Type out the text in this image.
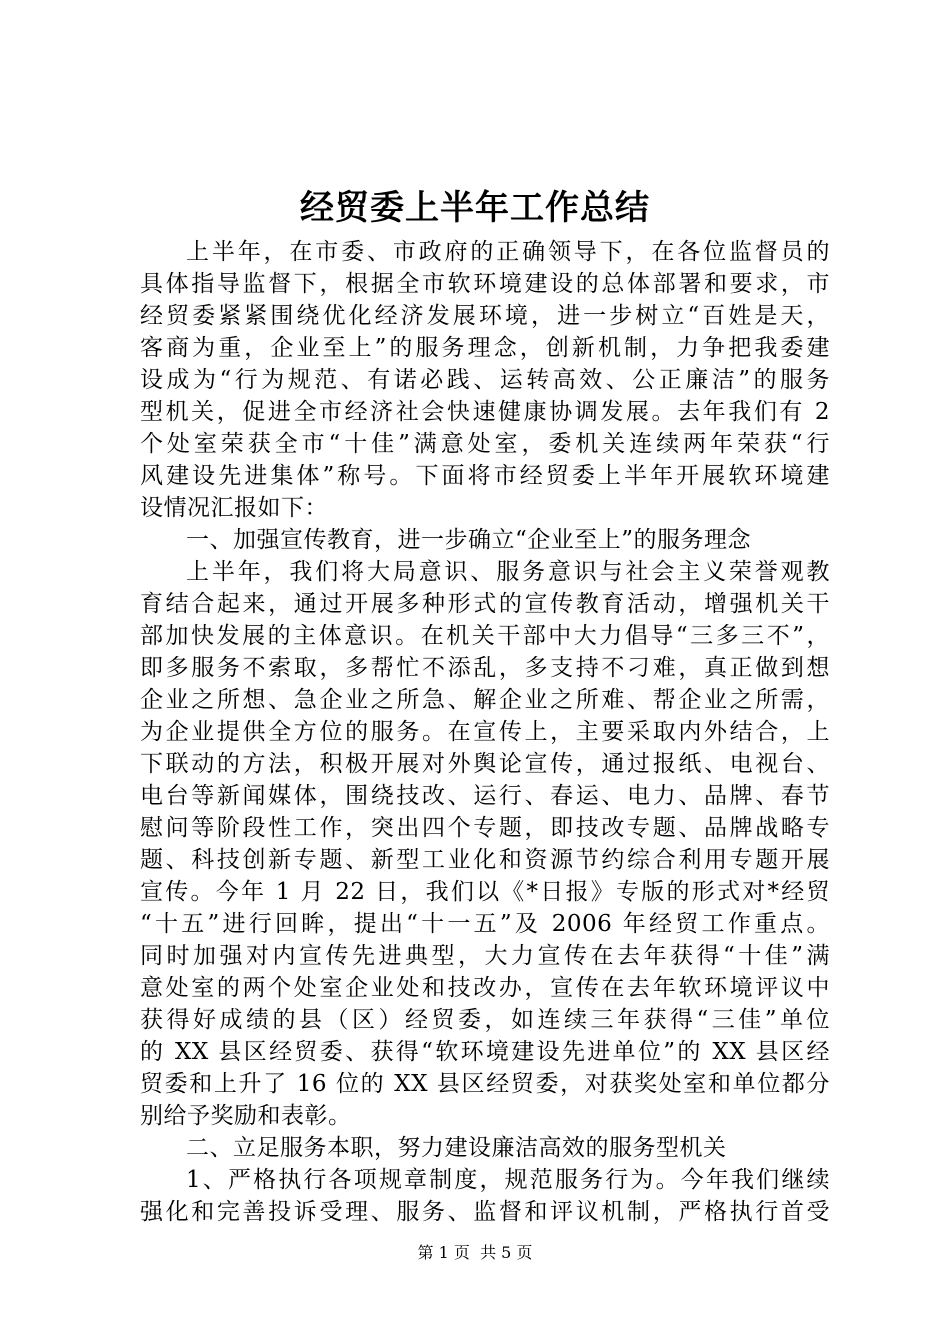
经贸委上半年工作总结
上半年，在市委、市政府的正确领导下，在各位监督员的
具体指导监督下，根据全市软环境建设的总体部署和要求，市
经贸委紧紧围绕优化经济发展环境，进一步树立“百姓是天，
客商为重，企业至上”的服务理念，创新机制，力争把我委建
设成为“行为规范、有诺必践、运转高效、公正廉洁”的服务
型机关，促进全市经济社会快速健康协调发展。去年我们有 2
个处室荣获全市“十佳”满意处室，委机关连续两年荣获“行
风建设先进集体”称号。下面将市经贸委上半年开展软环境建
设情况汇报如下：
一、加强宣传教育，进一步确立“企业至上”的服务理念
上半年，我们将大局意识、服务意识与社会主义荣誉观教
育结合起来，通过开展多种形式的宣传教育活动，增强机关干
部加快发展的主体意识。在机关干部中大力倡导“三多三不”，
即多服务不索取，多帮忙不添乱，多支持不刁难，真正做到想
企业之所想、急企业之所急、解企业之所难、帮企业之所需，
为企业提供全方位的服务。在宣传上，主要采取内外结合，上
下联动的方法，积极开展对外舆论宣传，通过报纸、电视台、
电台等新闻媒体，围绕技改、运行、春运、电力、品牌、春节
慰问等阶段性工作，突出四个专题，即技改专题、品牌战略专
题、科技创新专题、新型工业化和资源节约综合利用专题开展
宣传。今年 1 月 22 日，我们以《*日报》专版的形式对*经贸
“十五”进行回眸，提出“十一五”及 2006 年经贸工作重点。
同时加强对内宣传先进典型，大力宣传在去年获得“十佳”满
意处室的两个处室企业处和技改办，宣传在去年软环境评议中
获得好成绩的县（区）经贸委，如连续三年获得“三佳”单位
的 XX 县区经贸委、获得“软环境建设先进单位”的 XX 县区经
贸委和上升了 16 位的 XX 县区经贸委，对获奖处室和单位都分
别给予奖励和表彰。
二、立足服务本职，努力建设廉洁高效的服务型机关
1、严格执行各项规章制度，规范服务行为。今年我们继续
强化和完善投诉受理、服务、监督和评议机制，严格执行首受
第 1 页 共 5 页
